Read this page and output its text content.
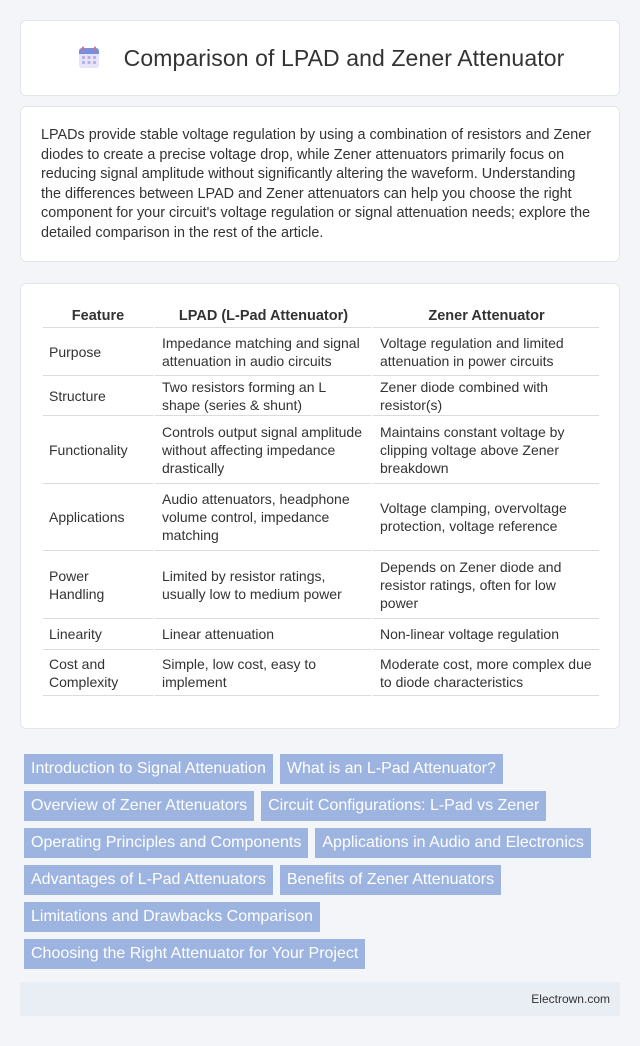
Comparison of LPAD and Zener Attenuator

LPADs provide stable voltage regulation by using a combination of resistors and Zener diodes to create a precise voltage drop, while Zener attenuators primarily focus on reducing signal amplitude without significantly altering the waveform. Understanding the differences between LPAD and Zener attenuators can help you choose the right component for your circuit's voltage regulation or signal attenuation needs; explore the detailed comparison in the rest of the article.

Feature	LPAD (L-Pad Attenuator)	Zener Attenuator
Purpose	Impedance matching and signal attenuation in audio circuits	Voltage regulation and limited attenuation in power circuits
Structure	Two resistors forming an L shape (series & shunt)	Zener diode combined with resistor(s)
Functionality	Controls output signal amplitude without affecting impedance drastically	Maintains constant voltage by clipping voltage above Zener breakdown
Applications	Audio attenuators, headphone volume control, impedance matching	Voltage clamping, overvoltage protection, voltage reference
Power Handling	Limited by resistor ratings, usually low to medium power	Depends on Zener diode and resistor ratings, often for low power
Linearity	Linear attenuation	Non-linear voltage regulation
Cost and Complexity	Simple, low cost, easy to implement	Moderate cost, more complex due to diode characteristics
Introduction to Signal Attenuation What is an L-Pad Attenuator?
Overview of Zener Attenuators Circuit Configurations: L-Pad vs Zener
Operating Principles and Components Applications in Audio and Electronics
Advantages of L-Pad Attenuators Benefits of Zener Attenuators
Limitations and Drawbacks Comparison
Choosing the Right Attenuator for Your Project
Electrown.com
